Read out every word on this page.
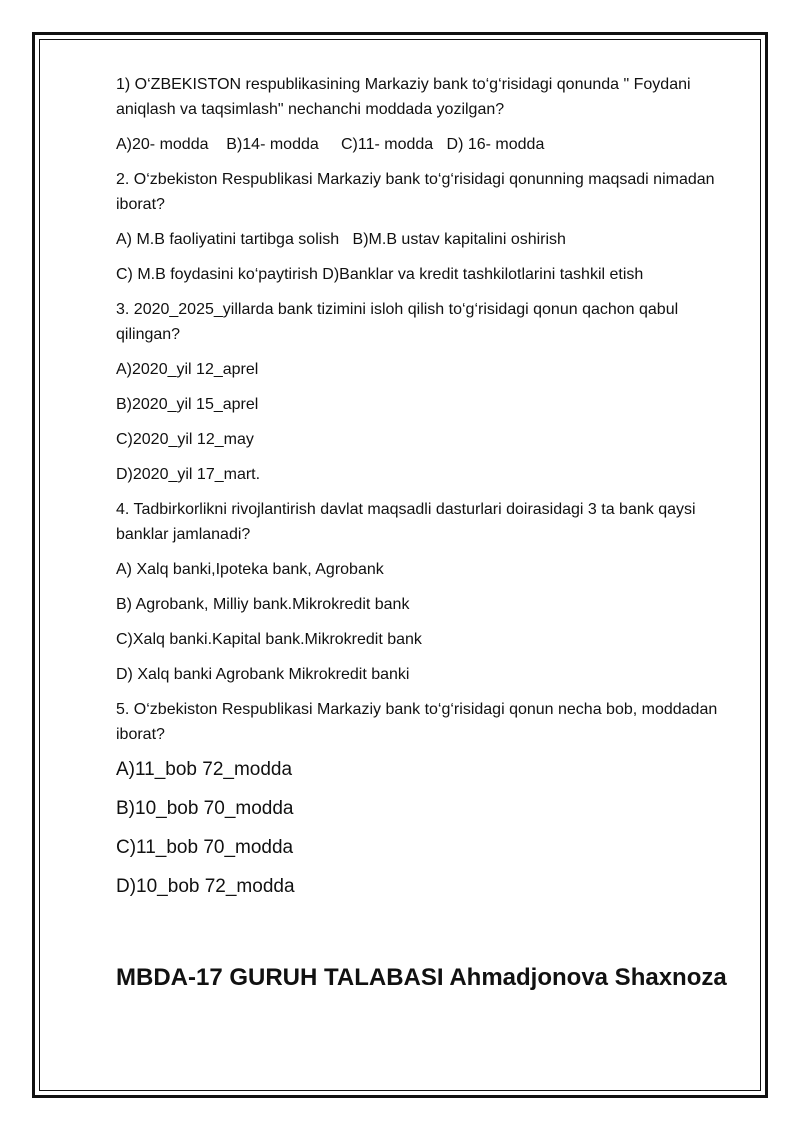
1) O‘ZBEKISTON respublikasining Markaziy bank to‘g‘risidagi qonunda " Foydani aniqlash va taqsimlash" nechanchi moddada yozilgan?

A)20- modda    B)14- modda     C)11- modda   D) 16- modda

2. O‘zbekiston Respublikasi Markaziy bank to‘g‘risidagi qonunning maqsadi nimadan iborat?

A) M.B faoliyatini tartibga solish   B)M.B ustav kapitalini oshirish

C) M.B foydasini ko‘paytirish D)Banklar va kredit tashkilotlarini tashkil etish

3. 2020_2025_yillarda bank tizimini isloh qilish to‘g‘risidagi qonun qachon qabul qilingan?

A)2020_yil 12_aprel

B)2020_yil 15_aprel

C)2020_yil 12_may

D)2020_yil 17_mart.

4. Tadbirkorlikni rivojlantirish davlat maqsadli dasturlari doirasidagi 3 ta bank qaysi banklar jamlanadi?

A) Xalq banki,Ipoteka bank, Agrobank

B) Agrobank, Milliy bank.Mikrokredit bank

C)Xalq banki.Kapital bank.Mikrokredit bank

D) Xalq banki Agrobank Mikrokredit banki

5. O‘zbekiston Respublikasi Markaziy bank to‘g‘risidagi qonun necha bob, moddadan iborat?

A)11_bob 72_modda

B)10_bob 70_modda

C)11_bob 70_modda

D)10_bob 72_modda

MBDA-17 GURUH TALABASI Ahmadjonova Shaxnoza
